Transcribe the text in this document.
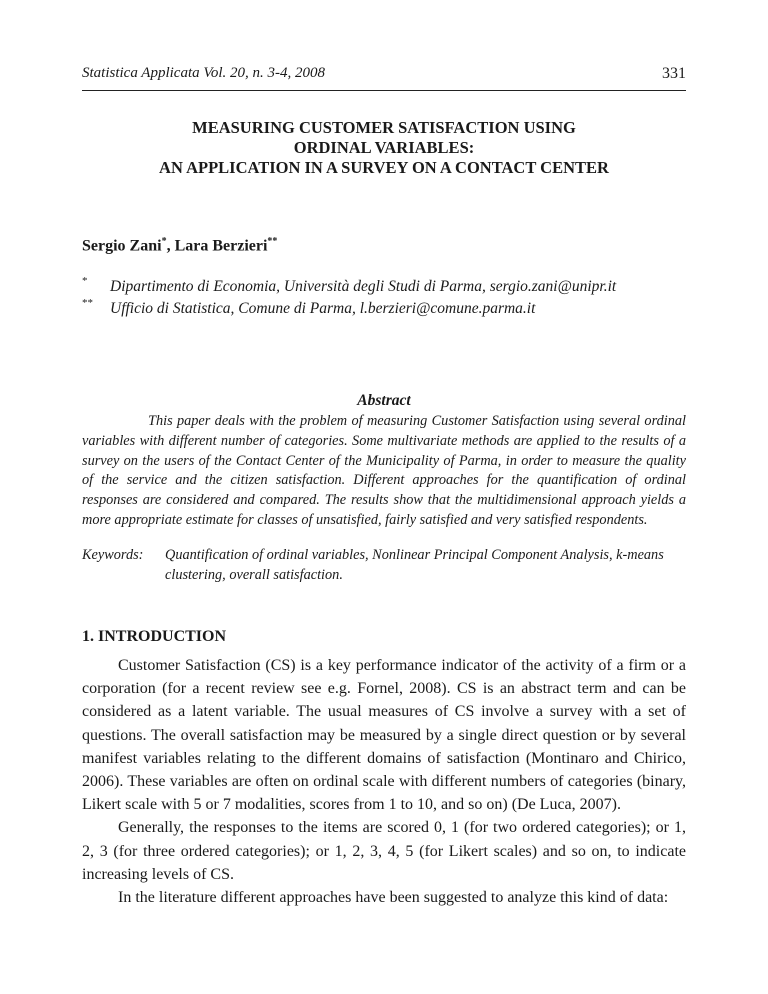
Statistica Applicata Vol. 20, n. 3-4, 2008	331
MEASURING CUSTOMER SATISFACTION USING
ORDINAL VARIABLES:
AN APPLICATION IN A SURVEY ON A CONTACT CENTER
Sergio Zani*, Lara Berzieri**
* Dipartimento di Economia, Università degli Studi di Parma, sergio.zani@unipr.it
** Ufficio di Statistica, Comune di Parma, l.berzieri@comune.parma.it
Abstract
This paper deals with the problem of measuring Customer Satisfaction using several ordinal variables with different number of categories. Some multivariate methods are applied to the results of a survey on the users of the Contact Center of the Municipality of Parma, in order to measure the quality of the service and the citizen satisfaction. Different approaches for the quantification of ordinal responses are considered and compared. The results show that the multidimensional approach yields a more appropriate estimate for classes of unsatisfied, fairly satisfied and very satisfied respondents.
Keywords: Quantification of ordinal variables, Nonlinear Principal Component Analysis, k-means clustering, overall satisfaction.
1. INTRODUCTION

Customer Satisfaction (CS) is a key performance indicator of the activity of a firm or a corporation (for a recent review see e.g. Fornel, 2008). CS is an abstract term and can be considered as a latent variable. The usual measures of CS involve a survey with a set of questions. The overall satisfaction may be measured by a single direct question or by several manifest variables relating to the different domains of satisfaction (Montinaro and Chirico, 2006). These variables are often on ordinal scale with different numbers of categories (binary, Likert scale with 5 or 7 modalities, scores from 1 to 10, and so on) (De Luca, 2007).

Generally, the responses to the items are scored 0, 1 (for two ordered categories); or 1, 2, 3 (for three ordered categories); or 1, 2, 3, 4, 5 (for Likert scales) and so on, to indicate increasing levels of CS.

In the literature different approaches have been suggested to analyze this kind of data:
